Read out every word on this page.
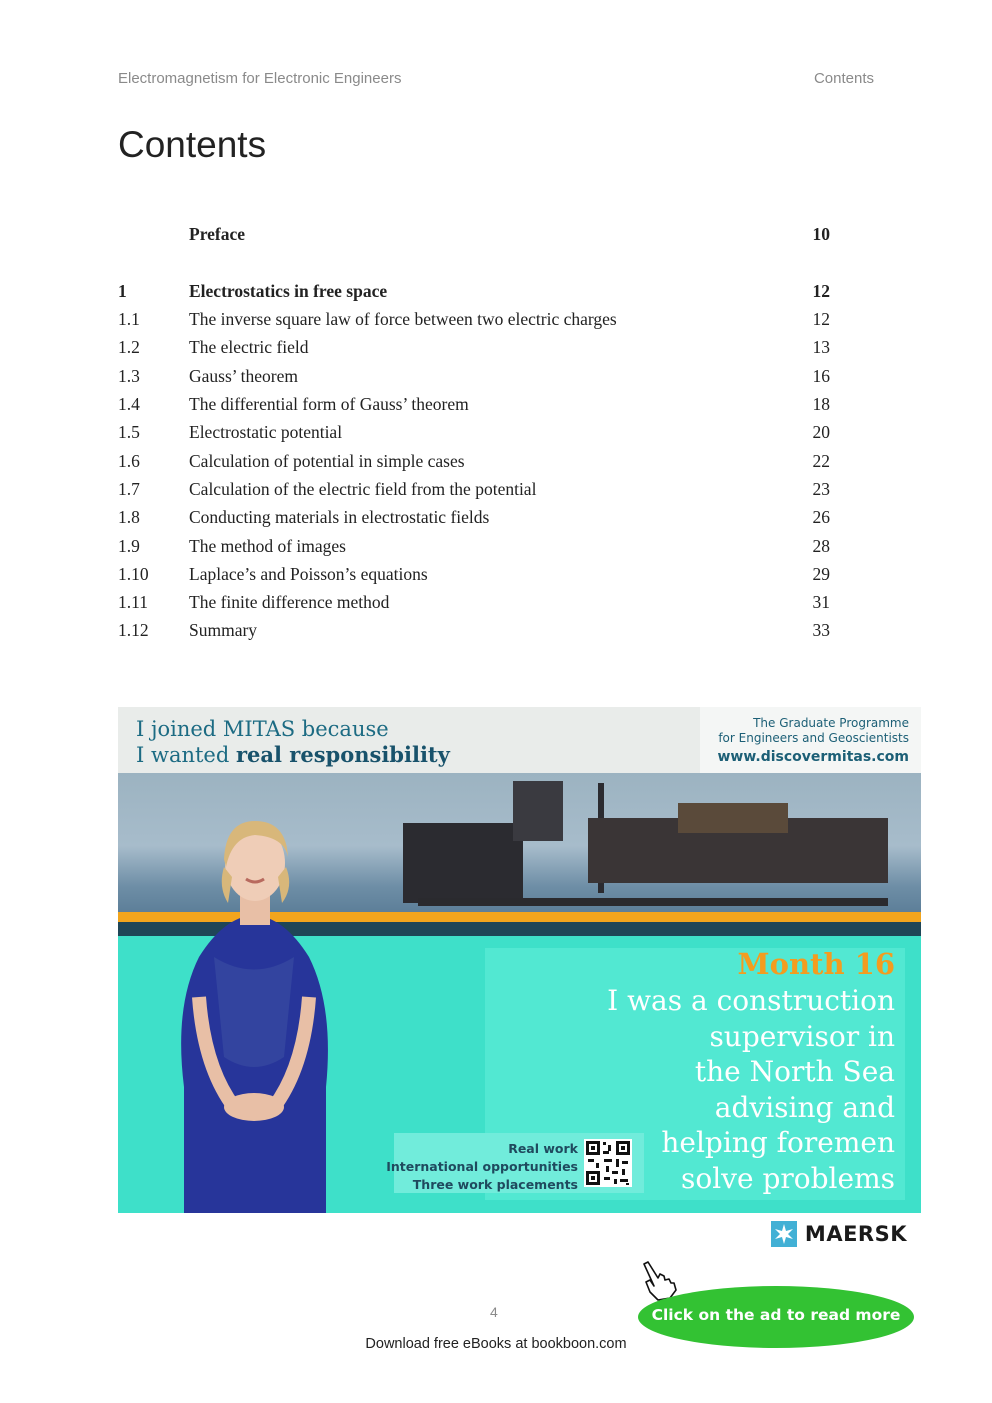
Electromagnetism for Electronic Engineers	Contents
Contents
Preface	10
1	Electrostatics in free space	12
1.1	The inverse square law of force between two electric charges	12
1.2	The electric field	13
1.3	Gauss’ theorem	16
1.4	The differential form of Gauss’ theorem	18
1.5	Electrostatic potential	20
1.6	Calculation of potential in simple cases	22
1.7	Calculation of the electric field from the potential	23
1.8	Conducting materials in electrostatic fields	26
1.9	The method of images	28
1.10 Laplace’s and Poisson’s equations	29
1.11 The finite difference method	31
1.12 Summary	33
I joined MITAS because
I wanted real responsibility
The Graduate Programme
for Engineers and Geoscientists
www.discovermitas.com
Month 16
I was a construction
supervisor in
the North Sea
advising and
helping foremen
solve problems
Real work
International opportunities
Three work placements
MAERSK
Click on the ad to read more
4
Download free eBooks at bookboon.com
